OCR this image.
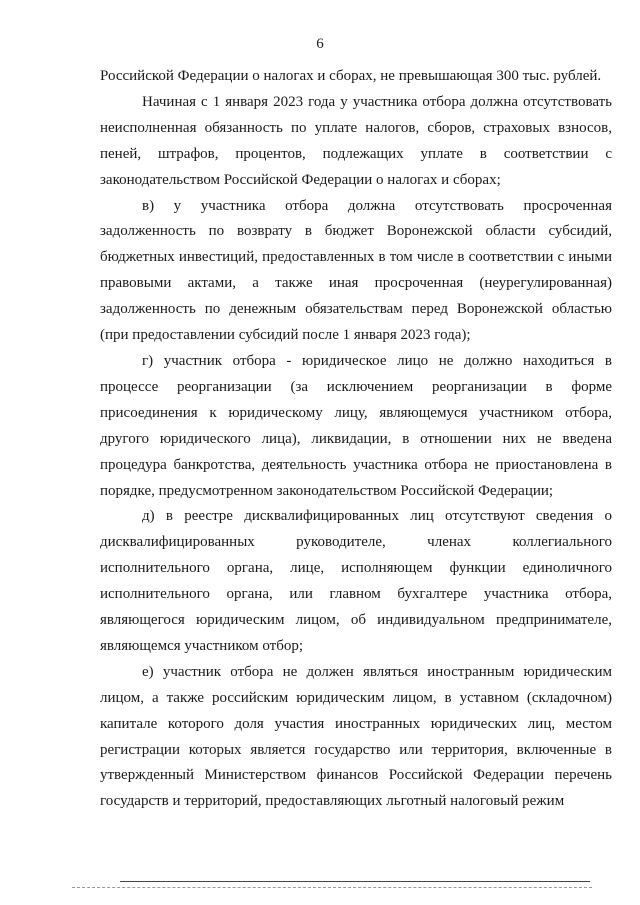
6

Российской Федерации о налогах и сборах, не превышающая 300 тыс. рублей.

Начиная с 1 января 2023 года у участника отбора должна отсутствовать неисполненная обязанность по уплате налогов, сборов, страховых взносов, пеней, штрафов, процентов, подлежащих уплате в соответствии с законодательством Российской Федерации о налогах и сборах;

в) у участника отбора должна отсутствовать просроченная задолженность по возврату в бюджет Воронежской области субсидий, бюджетных инвестиций, предоставленных в том числе в соответствии с иными правовыми актами, а также иная просроченная (неурегулированная) задолженность по денежным обязательствам перед Воронежской областью (при предоставлении субсидий после 1 января 2023 года);

г) участник отбора - юридическое лицо не должно находиться в процессе реорганизации (за исключением реорганизации в форме присоединения к юридическому лицу, являющемуся участником отбора, другого юридического лица), ликвидации, в отношении них не введена процедура банкротства, деятельность участника отбора не приостановлена в порядке, предусмотренном законодательством Российской Федерации;

д) в реестре дисквалифицированных лиц отсутствуют сведения о дисквалифицированных руководителе, членах коллегиального исполнительного органа, лице, исполняющем функции единоличного исполнительного органа, или главном бухгалтере участника отбора, являющегося юридическим лицом, об индивидуальном предпринимателе, являющемся участником отбор;

е) участник отбора не должен являться иностранным юридическим лицом, а также российским юридическим лицом, в уставном (складочном) капитале которого доля участия иностранных юридических лиц, местом регистрации которых является государство или территория, включенные в утвержденный Министерством финансов Российской Федерации перечень государств и территорий, предоставляющих льготный налоговый режим
